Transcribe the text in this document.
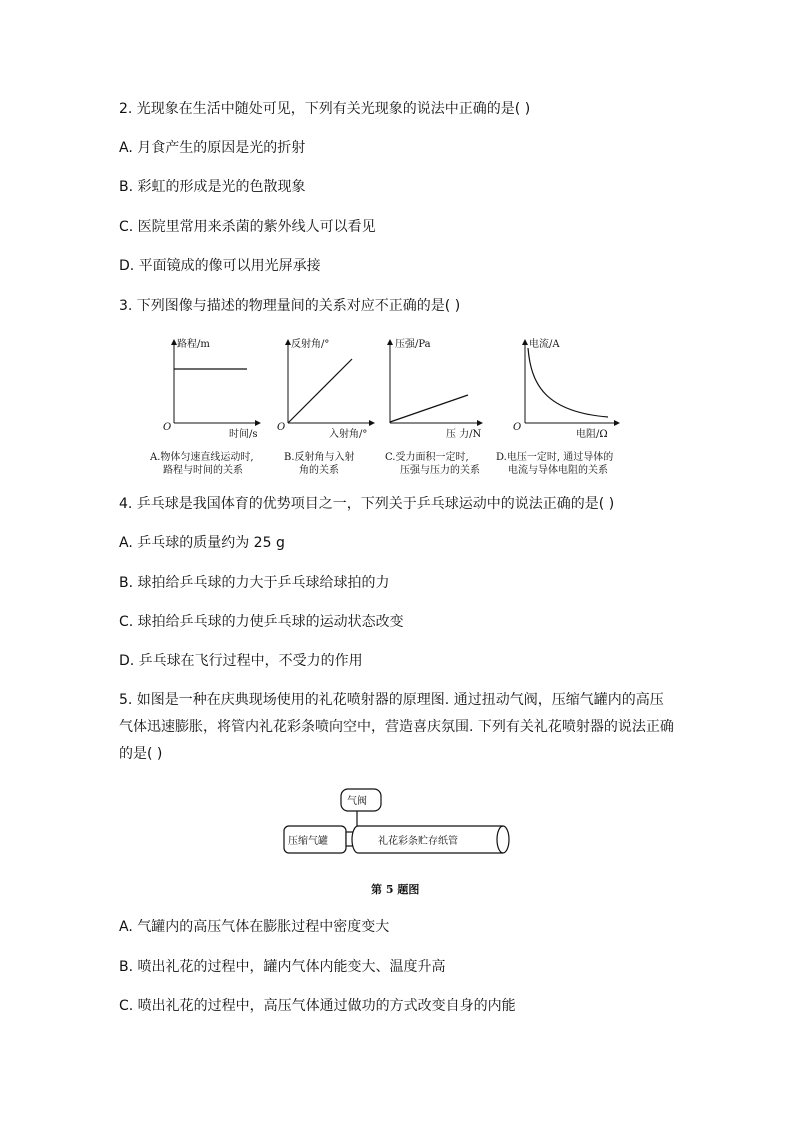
2. 光现象在生活中随处可见，下列有关光现象的说法中正确的是( )
A. 月食产生的原因是光的折射
B. 彩虹的形成是光的色散现象
C. 医院里常用来杀菌的紫外线人可以看见
D. 平面镜成的像可以用光屏承接
3. 下列图像与描述的物理量间的关系对应不正确的是( )
路程/m
时间/s
O
反射角/°
入射角/°
O
压强/Pa
压 力/N
电流/A
电阻/Ω
O
A.物体匀速直线运动时,
路程与时间的关系
B.反射角与入射
角的关系
C.受力面积一定时,
压强与压力的关系
D.电压一定时, 通过导体的
电流与导体电阻的关系
4. 乒乓球是我国体育的优势项目之一，下列关于乒乓球运动中的说法正确的是( )
A. 乒乓球的质量约为 25 g
B. 球拍给乒乓球的力大于乒乓球给球拍的力
C. 球拍给乒乓球的力使乒乓球的运动状态改变
D. 乒乓球在飞行过程中，不受力的作用
5. 如图是一种在庆典现场使用的礼花喷射器的原理图. 通过扭动气阀，压缩气罐内的高压
气体迅速膨胀，将管内礼花彩条喷向空中，营造喜庆氛围. 下列有关礼花喷射器的说法正确
的是( )
气阀
压缩气罐	礼花彩条贮存纸管
第 5 题图
A. 气罐内的高压气体在膨胀过程中密度变大
B. 喷出礼花的过程中，罐内气体内能变大、温度升高
C. 喷出礼花的过程中，高压气体通过做功的方式改变自身的内能
